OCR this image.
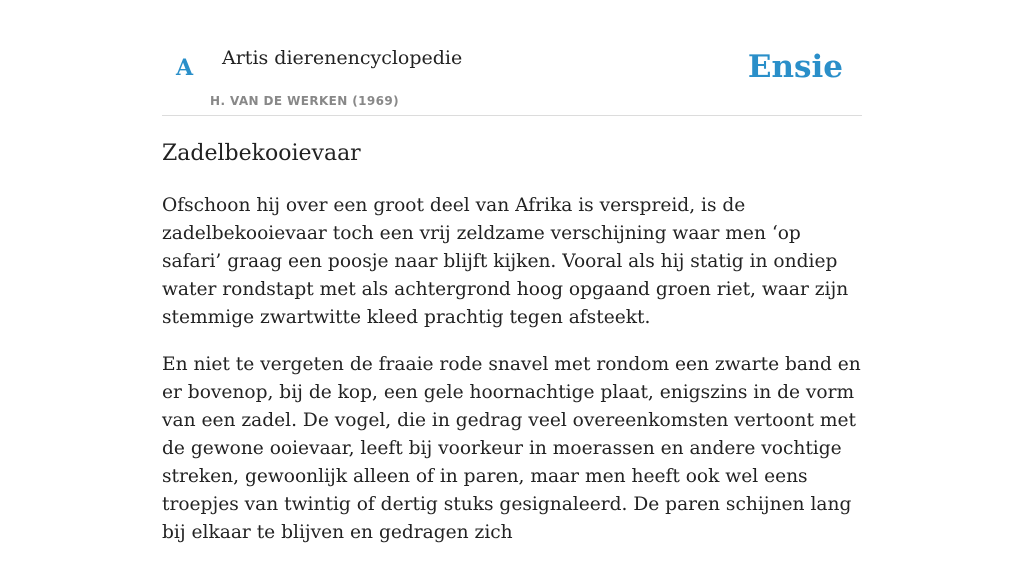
A Artis dierenencyclopedie
H. VAN DE WERKEN (1969)
Ensie
Zadelbekooievaar

Ofschoon hij over een groot deel van Afrika is verspreid, is de zadelbekooievaar toch een vrij zeldzame verschijning waar men ‘op safari’ graag een poosje naar blijft kijken. Vooral als hij statig in ondiep water rondstapt met als achtergrond hoog opgaand groen riet, waar zijn stemmige zwartwitte kleed prachtig tegen afsteekt.

En niet te vergeten de fraaie rode snavel met rondom een zwarte band en er bovenop, bij de kop, een gele hoornachtige plaat, enigszins in de vorm van een zadel. De vogel, die in gedrag veel overeenkomsten vertoont met de gewone ooievaar, leeft bij voorkeur in moerassen en andere vochtige streken, gewoonlijk alleen of in paren, maar men heeft ook wel eens troepjes van twintig of dertig stuks gesignaleerd. De paren schijnen lang bij elkaar te blijven en gedragen zich
